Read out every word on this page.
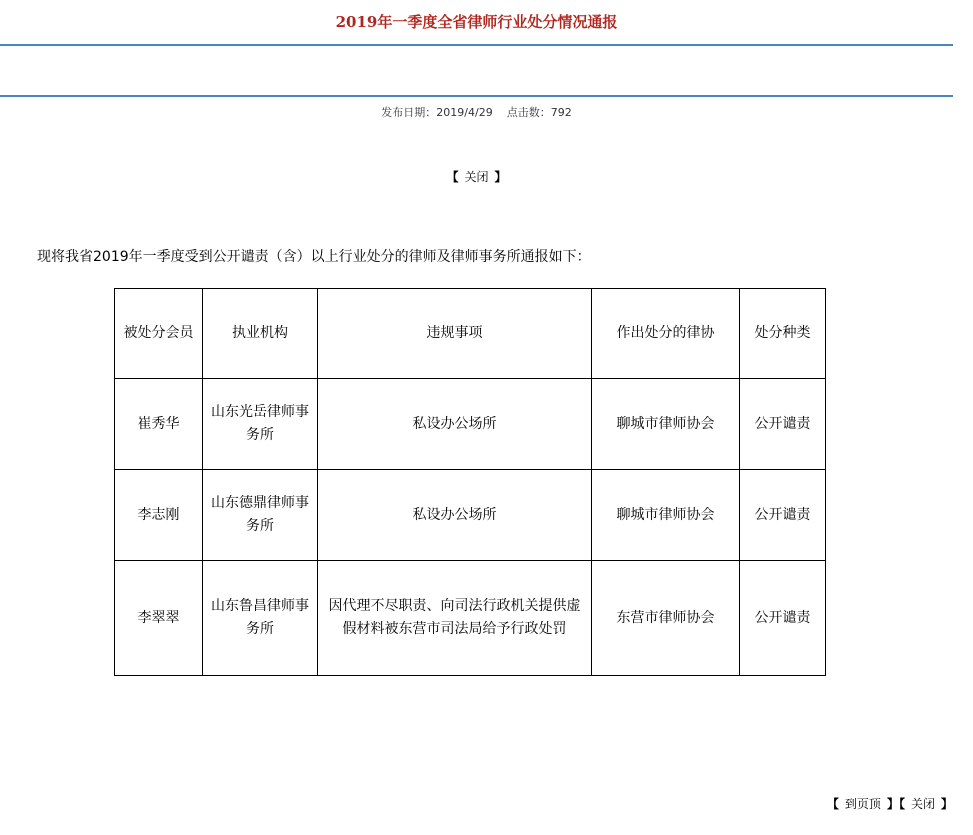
2019年一季度全省律师行业处分情况通报
发布日期：2019/4/29 点击数：792
【 关闭 】
现将我省2019年一季度受到公开谴责（含）以上行业处分的律师及律师事务所通报如下：
被处分会员	执业机构	违规事项	作出处分的律协	处分种类
崔秀华	山东光岳律师事务所	私设办公场所	聊城市律师协会	公开谴责
李志刚	山东德鼎律师事务所	私设办公场所	聊城市律师协会	公开谴责
李翠翠	山东鲁昌律师事务所	因代理不尽职责、向司法行政机关提供虚假材料被东营市司法局给予行政处罚	东营市律师协会	公开谴责
【 到页顶 】【 关闭 】
